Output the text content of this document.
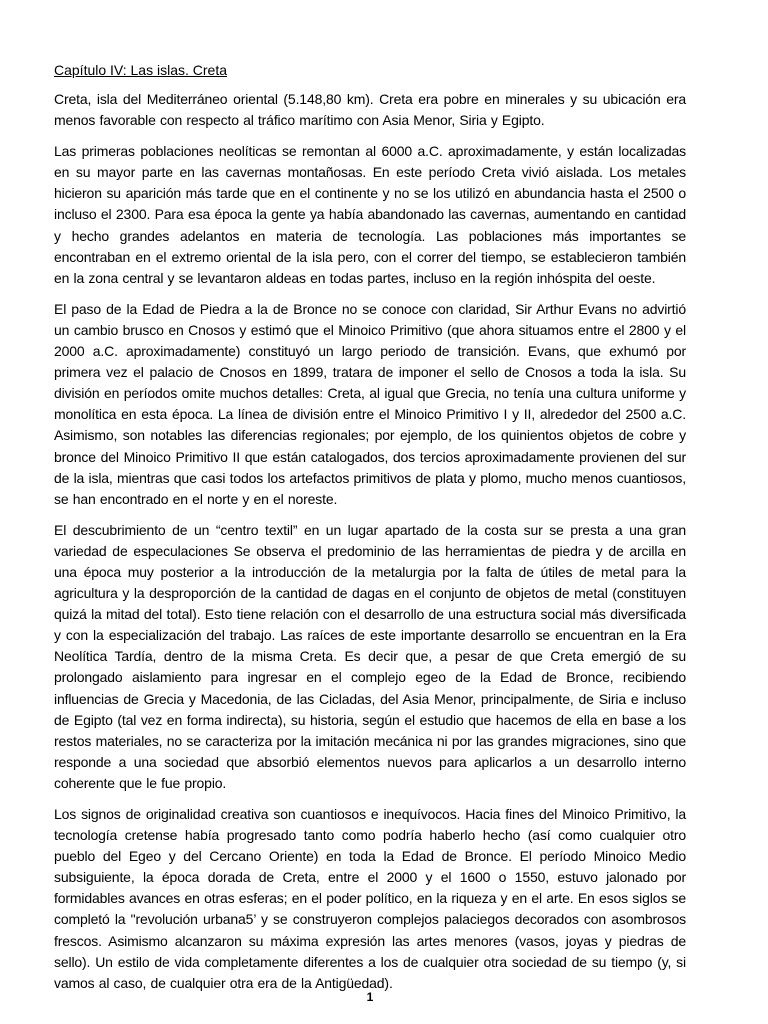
Capítulo IV: Las islas. Creta

Creta, isla del Mediterráneo oriental (5.148,80 km). Creta era pobre en minerales y su ubicación era menos favorable con respecto al tráfico marítimo con Asia Menor, Siria y Egipto.

Las primeras poblaciones neolíticas se remontan al 6000 a.C. aproximadamente, y están localizadas en su mayor parte en las cavernas montañosas. En este período Creta vivió aislada. Los metales hicieron su aparición más tarde que en el continente y no se los utilizó en abundancia hasta el 2500 o incluso el 2300. Para esa época la gente ya había abandonado las cavernas, aumentando en cantidad y hecho grandes adelantos en materia de tecnología. Las poblaciones más importantes se encontraban en el extremo oriental de la isla pero, con el correr del tiempo, se establecieron también en la zona central y se levantaron aldeas en todas partes, incluso en la región inhóspita del oeste.

El paso de la Edad de Piedra a la de Bronce no se conoce con claridad, Sir Arthur Evans no advirtió un cambio brusco en Cnosos y estimó que el Minoico Primitivo (que ahora situamos entre el 2800 y el 2000 a.C. aproximadamente) constituyó un largo periodo de transición. Evans, que exhumó por primera vez el palacio de Cnosos en 1899, tratara de imponer el sello de Cnosos a toda la isla. Su división en períodos omite muchos detalles: Creta, al igual que Grecia, no tenía una cultura uniforme y monolítica en esta época. La línea de división entre el Minoico Primitivo I y II, alrededor del 2500 a.C. Asimismo, son notables las diferencias regionales; por ejemplo, de los quinientos objetos de cobre y bronce del Minoico Primitivo II que están catalogados, dos tercios aproximadamente provienen del sur de la isla, mientras que casi todos los artefactos primitivos de plata y plomo, mucho menos cuantiosos, se han encontrado en el norte y en el noreste.

El descubrimiento de un “centro textil” en un lugar apartado de la costa sur se presta a una gran variedad de especulaciones Se observa el predominio de las herramientas de piedra y de arcilla en una época muy posterior a la introducción de la metalurgia por la falta de útiles de metal para la agricultura y la desproporción de la cantidad de dagas en el conjunto de objetos de metal (constituyen quizá la mitad del total). Esto tiene relación con el desarrollo de una estructura social más diversificada y con la especialización del trabajo. Las raíces de este importante desarrollo se encuentran en la Era Neolítica Tardía, dentro de la misma Creta. Es decir que, a pesar de que Creta emergió de su prolongado aislamiento para ingresar en el complejo egeo de la Edad de Bronce, recibiendo influencias de Grecia y Macedonia, de las Cicladas, del Asia Menor, principalmente, de Siria e incluso de Egipto (tal vez en forma indirecta), su historia, según el estudio que hacemos de ella en base a los restos materiales, no se caracteriza por la imitación mecánica ni por las grandes migraciones, sino que responde a una sociedad que absorbió elementos nuevos para aplicarlos a un desarrollo interno coherente que le fue propio.

Los signos de originalidad creativa son cuantiosos e inequívocos. Hacia fines del Minoico Primitivo, la tecnología cretense había progresado tanto como podría haberlo hecho (así como cualquier otro pueblo del Egeo y del Cercano Oriente) en toda la Edad de Bronce. El período Minoico Medio subsiguiente, la época dorada de Creta, entre el 2000 y el 1600 o 1550, estuvo jalonado por formidables avances en otras esferas; en el poder político, en la riqueza y en el arte. En esos siglos se completó la "revolución urbana5’ y se construyeron complejos palaciegos decorados con asombrosos frescos. Asimismo alcanzaron su máxima expresión las artes menores (vasos, joyas y piedras de sello). Un estilo de vida completamente diferentes a los de cualquier otra sociedad de su tiempo (y, si vamos al caso, de cualquier otra era de la Antigüedad).

1
